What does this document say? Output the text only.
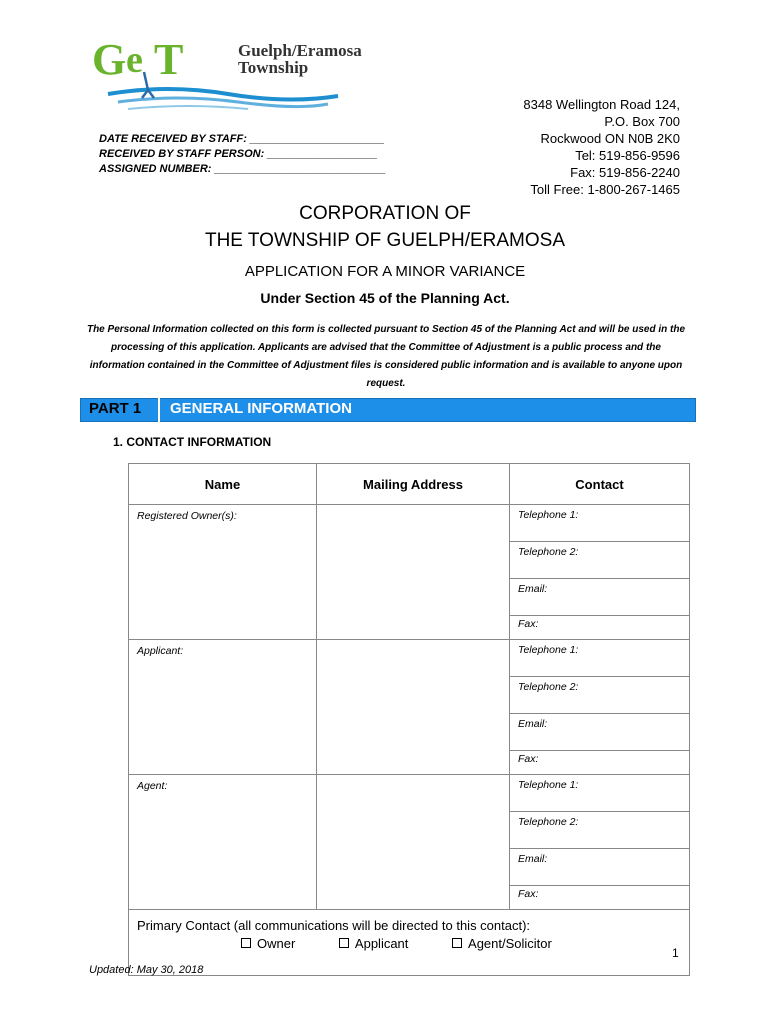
G e T	Guelph/Eramosa
Township
8348 Wellington Road 124,
P.O. Box 700
Rockwood ON N0B 2K0
Tel: 519-856-9596
Fax: 519-856-2240
Toll Free: 1-800-267-1465
DATE RECEIVED BY STAFF: ______________________
RECEIVED BY STAFF PERSON: __________________
ASSIGNED NUMBER: ____________________________
CORPORATION OF
THE TOWNSHIP OF GUELPH/ERAMOSA
APPLICATION FOR A MINOR VARIANCE
Under Section 45 of the Planning Act.
The Personal Information collected on this form is collected pursuant to Section 45 of the Planning Act and will be used in the processing of this application. Applicants are advised that the Committee of Adjustment is a public process and the information contained in the Committee of Adjustment files is considered public information and is available to anyone upon request.
PART 1 GENERAL INFORMATION
1. CONTACT INFORMATION
Name	Mailing Address	Contact
Registered Owner(s):		Telephone 1:
		Telephone 2:
		Email:
		Fax:
Applicant:		Telephone 1:
		Telephone 2:
		Email:
		Fax:
Agent:		Telephone 1:
		Telephone 2:
		Email:
		Fax:

Primary Contact (all communications will be directed to this contact):
Owner Applicant Agent/Solicitor		
1
Updated: May 30, 2018
